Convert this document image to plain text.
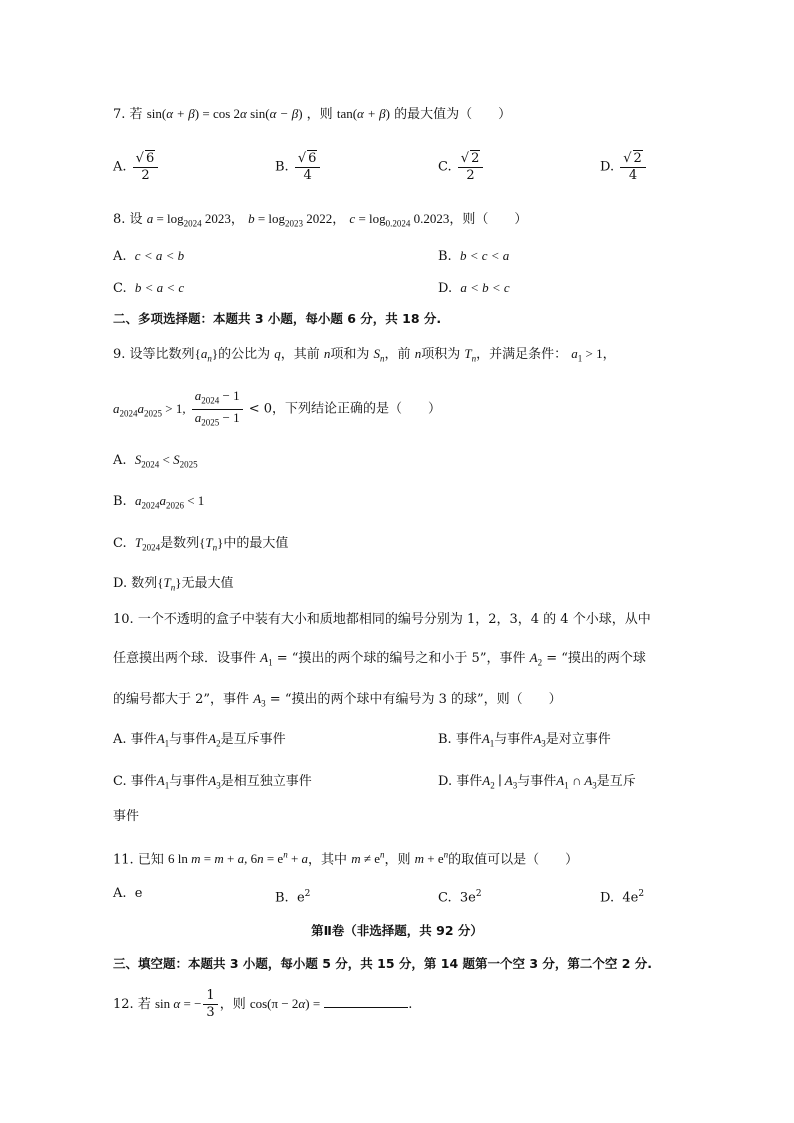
7. 若 sin(α + β) = cos 2α sin(α − β) ，则 tan(α + β) 的最大值为（ ）
A. $\frac{√ 6}{2}$	B. $\frac{√ 6}{4}$	C. $\frac{√ 2}{2}$	D. $\frac{√ 2}{4}$
8. 设 $a = \log_{2024} 2023$， $b = \log_{2023} 2022$， $c = \log_{0.2024} 0.2023$，则（ ）
A. c < a < b	B. b < c < a
C. b < a < c	D. a < b < c
二、多项选择题：本题共 3 小题，每小题 6 分，共 18 分.
9. 设等比数列$\{a_n\}$的公比为 q，其前 n项和为 $S_n$，前 n项积为 $T_n$，并满足条件： $a_1 > 1$，
$a_{2024}a_{2025} > 1$, $\frac{a_{2024} - 1}{a_{2025} - 1} < 0$，下列结论正确的是（ ）
A. $S_{2024} < S_{2025}$
B. $a_{2024}a_{2026} < 1$
C. $T_{2024}$是数列$\{T_n\}$中的最大值
D. 数列$\{T_n\}$无最大值
10. 一个不透明的盒子中装有大小和质地都相同的编号分别为 1，2，3，4 的 4 个小球，从中
任意摸出两个球．设事件 $A_1$ = “摸出的两个球的编号之和小于 5”，事件 $A_2$ = “摸出的两个球
的编号都大于 2”，事件 $A_3$ = “摸出的两个球中有编号为 3 的球”，则（ ）
A. 事件$A_1$与事件$A_2$是互斥事件	B. 事件$A_1$与事件$A_3$是对立事件
C. 事件$A_1$与事件$A_3$是相互独立事件	D. 事件$A_2$ ∣ $A_3$与事件$A_1$ ∩ $A_3$是互斥
事件
11. 已知 6 ln m = m + a, $6n = e^n + a$，其中 $m \ne e^n$，则 $m + e^n$的取值可以是（ ）
A. e	B. $e^2$	C. $3e^2$	D. $4e^2$
第Ⅱ卷（非选择题，共 92 分）
三、填空题：本题共 3 小题，每小题 5 分，共 15 分，第 14 题第一个空 3 分，第二个空 2 分.
12. 若 sin α = − $\frac{1}{3}$ ，则 cos(π − 2α) =	.
